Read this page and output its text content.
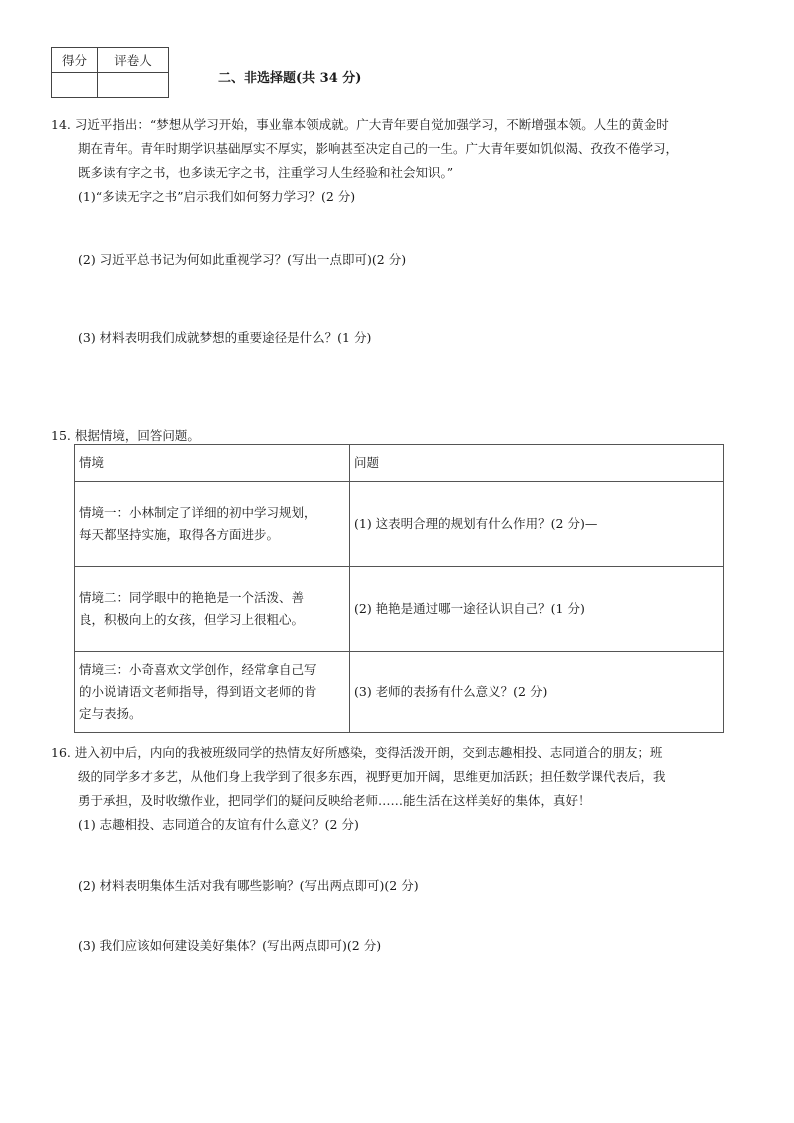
得分	评卷人

二、非选择题(共 34 分)
14. 习近平指出：“梦想从学习开始，事业靠本领成就。广大青年要自觉加强学习，不断增强本领。人生的黄金时
期在青年。青年时期学识基础厚实不厚实，影响甚至决定自己的一生。广大青年要如饥似渴、孜孜不倦学习，
既多读有字之书，也多读无字之书，注重学习人生经验和社会知识。”
(1)“多读无字之书”启示我们如何努力学习？(2 分)
(2) 习近平总书记为何如此重视学习？(写出一点即可)(2 分)
(3) 材料表明我们成就梦想的重要途径是什么？(1 分)
15. 根据情境，回答问题。
情境	问题

情境一：小林制定了详细的初中学习规划，
每天都坚持实施，取得各方面进步。	(1) 这表明合理的规划有什么作用？(2 分)—

情境二：同学眼中的艳艳是一个活泼、善
良，积极向上的女孩，但学习上很粗心。	(2) 艳艳是通过哪一途径认识自己？(1 分)

情境三：小奇喜欢文学创作，经常拿自己写
的小说请语文老师指导，得到语文老师的肯
定与表扬。	(3) 老师的表扬有什么意义？(2 分)
16. 进入初中后，内向的我被班级同学的热情友好所感染，变得活泼开朗，交到志趣相投、志同道合的朋友；班
级的同学多才多艺，从他们身上我学到了很多东西，视野更加开阔，思维更加活跃；担任数学课代表后，我
勇于承担，及时收缴作业，把同学们的疑问反映给老师……能生活在这样美好的集体，真好！
(1) 志趣相投、志同道合的友谊有什么意义？(2 分)
(2) 材料表明集体生活对我有哪些影响？(写出两点即可)(2 分)
(3) 我们应该如何建设美好集体？(写出两点即可)(2 分)
